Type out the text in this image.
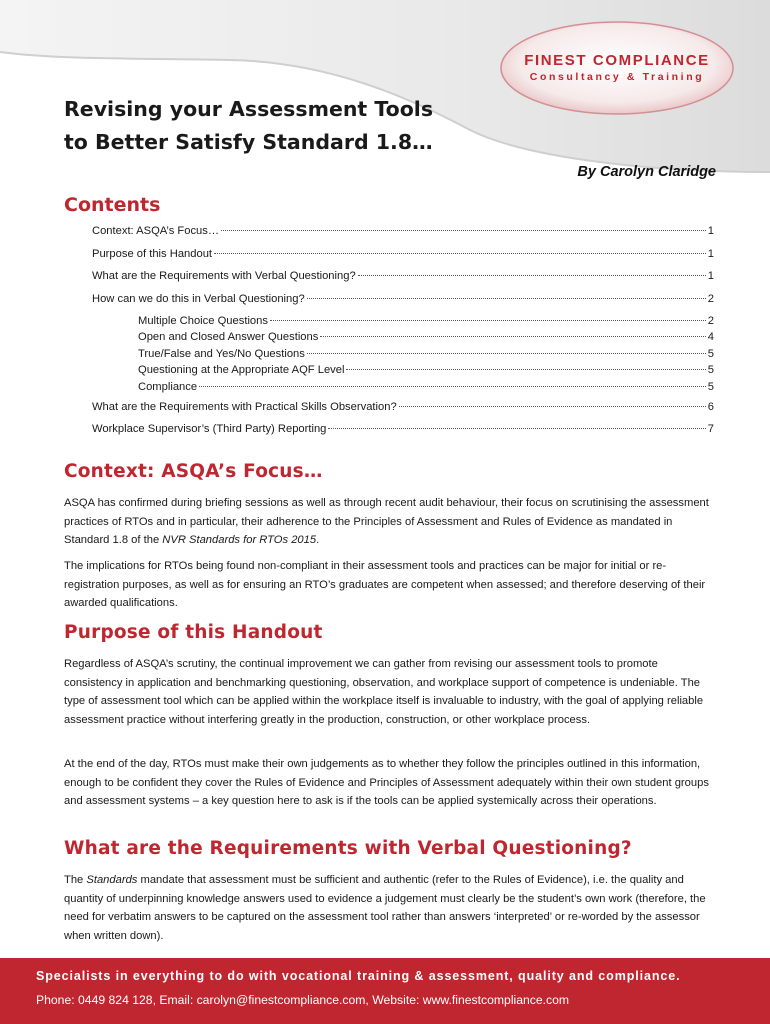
FINEST COMPLIANCE
Consultancy & Training
Revising your Assessment Tools
to Better Satisfy Standard 1.8…
By Carolyn Claridge
Contents
Context: ASQA’s Focus…	1
Purpose of this Handout	1
What are the Requirements with Verbal Questioning?	1
How can we do this in Verbal Questioning?	2
Multiple Choice Questions	2
Open and Closed Answer Questions	4
True/False and Yes/No Questions	5
Questioning at the Appropriate AQF Level	5
Compliance	5
What are the Requirements with Practical Skills Observation?	6
Workplace Supervisor’s (Third Party) Reporting	7
Context: ASQA’s Focus…

ASQA has confirmed during briefing sessions as well as through recent audit behaviour, their focus on scrutinising the assessment practices of RTOs and in particular, their adherence to the Principles of Assessment and Rules of Evidence as mandated in Standard 1.8 of the NVR Standards for RTOs 2015.

The implications for RTOs being found non-compliant in their assessment tools and practices can be major for initial or re-registration purposes, as well as for ensuring an RTO’s graduates are competent when assessed; and therefore deserving of their awarded qualifications.

Purpose of this Handout

Regardless of ASQA’s scrutiny, the continual improvement we can gather from revising our assessment tools to promote consistency in application and benchmarking questioning, observation, and workplace support of competence is undeniable. The type of assessment tool which can be applied within the workplace itself is invaluable to industry, with the goal of applying reliable assessment practice without interfering greatly in the production, construction, or other workplace process.

At the end of the day, RTOs must make their own judgements as to whether they follow the principles outlined in this information, enough to be confident they cover the Rules of Evidence and Principles of Assessment adequately within their own student groups and assessment systems – a key question here to ask is if the tools can be applied systemically across their operations.

What are the Requirements with Verbal Questioning?

The Standards mandate that assessment must be sufficient and authentic (refer to the Rules of Evidence), i.e. the quality and quantity of underpinning knowledge answers used to evidence a judgement must clearly be the student’s own work (therefore, the need for verbatim answers to be captured on the assessment tool rather than answers ‘interpreted’ or re-worded by the assessor when written down).

Specialists in everything to do with vocational training & assessment, quality and compliance.
Phone: 0449 824 128, Email: carolyn@finestcompliance.com, Website: www.finestcompliance.com
